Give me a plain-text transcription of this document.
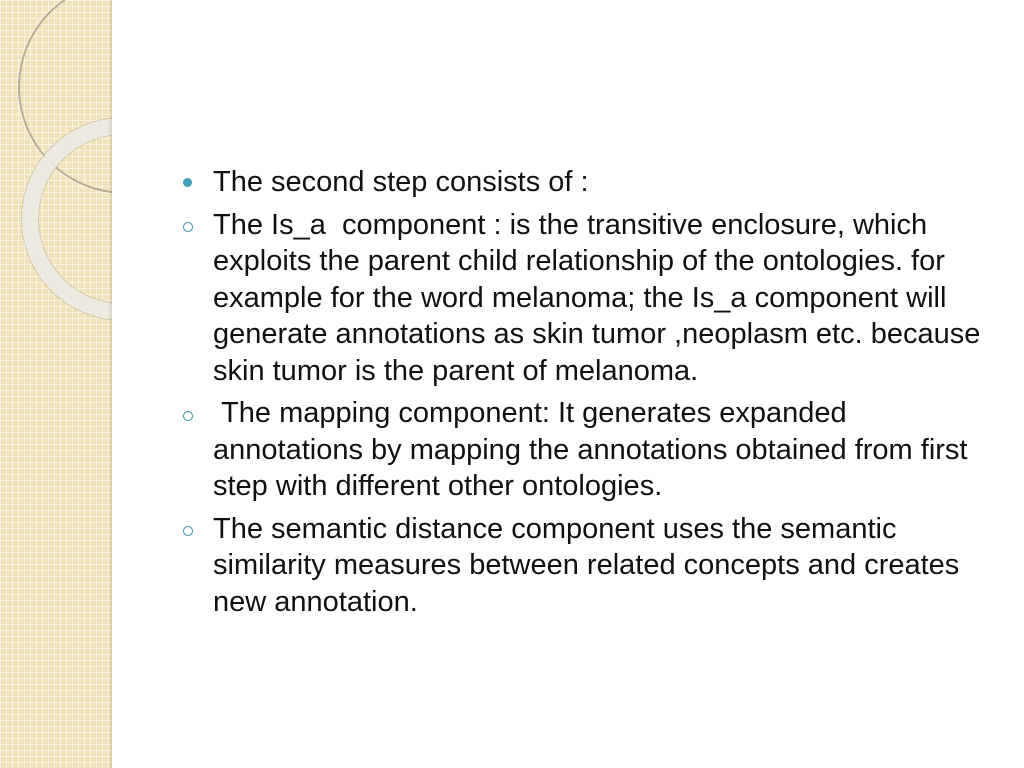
The second step consists of :
The Is_a  component : is the transitive enclosure, which exploits the parent child relationship of the ontologies. for example for the word melanoma; the Is_a component will generate annotations as skin tumor ,neoplasm etc. because skin tumor is the parent of melanoma.
The mapping component: It generates expanded annotations by mapping the annotations obtained from first step with different other ontologies.
The semantic distance component uses the semantic similarity measures between related concepts and creates new annotation.
